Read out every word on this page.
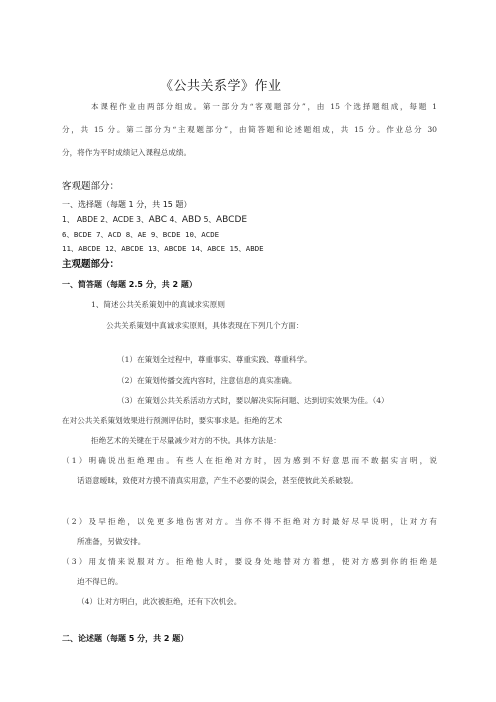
《公共关系学》作业
本课程作业由两部分组成。第一部分为“客观题部分”，由 15 个选择题组成，每题 1
分，共 15 分。第二部分为“主观题部分”，由简答题和论述题组成，共 15 分。作业总分 30
分，将作为平时成绩记入课程总成绩。
客观题部分：
一、选择题（每题 1 分，共 15 题）
1、 ABDE 2、ACDE 3、ABC 4、ABD 5、ABCDE
6、BCDE 7、ACD 8、AE 9、BCDE 10、ACDE
11、ABCDE 12、ABCDE 13、ABCDE 14、ABCE 15、ABDE
主观题部分：
一、简答题（每题 2.5 分，共 2 题）
1、简述公共关系策划中的真诚求实原则
公共关系策划中真诚求实原则，具体表现在下列几个方面：
（1）在策划全过程中，尊重事实、尊重实践、尊重科学。
（2）在策划传播交流内容时，注意信息的真实准确。
（3）在策划公共关系活动方式时，要以解决实际问题、达到切实效果为佳。（4）
在对公共关系策划效果进行预测评估时，要实事求是。拒绝的艺术
拒绝艺术的关键在于尽量减少对方的不快。具体方法是：
（1）明确说出拒绝理由。有些人在拒绝对方时，因为感到不好意思而不敢据实言明，说
话语意暧昧，致使对方摸不清真实用意，产生不必要的误会，甚至使彼此关系破裂。
（2）及早拒绝，以免更多地伤害对方。当你不得不拒绝对方时最好尽早说明，让对方有
所准备，另做安排。
（3）用友情来说服对方。拒绝他人时，要设身处地替对方着想，使对方感到你的拒绝是
迫不得已的。
（4）让对方明白，此次被拒绝，还有下次机会。
二、论述题（每题 5 分，共 2 题）
